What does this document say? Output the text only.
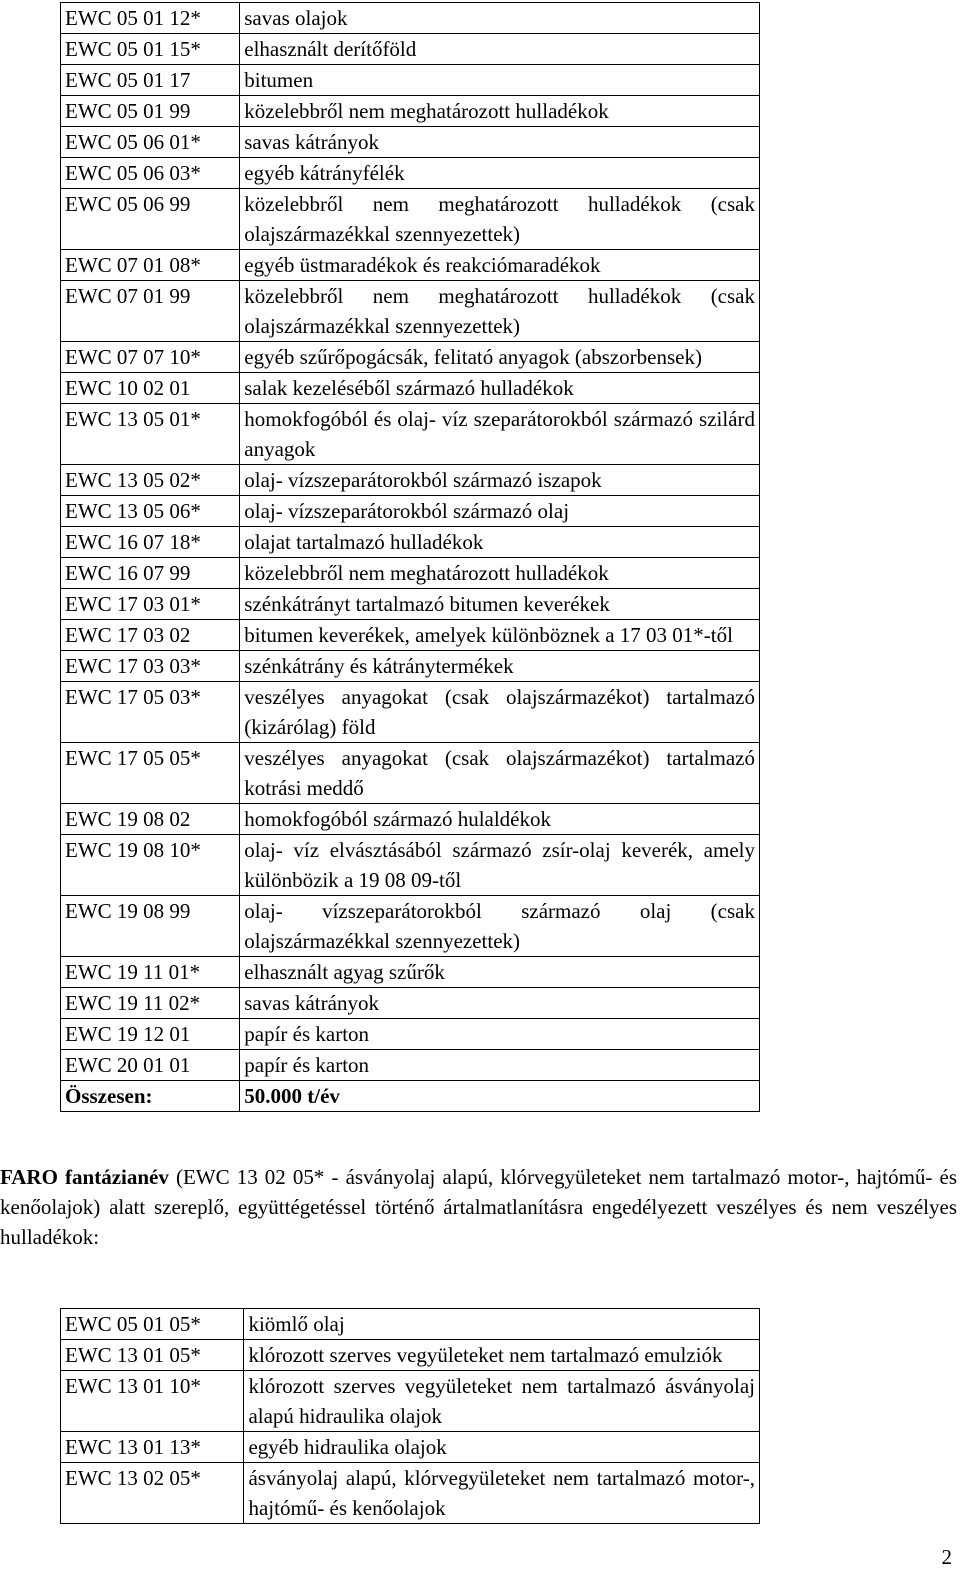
EWC 05 01 12*	savas olajok
EWC 05 01 15*	elhasznált derítőföld
EWC 05 01 17	bitumen
EWC 05 01 99	közelebbről nem meghatározott hulladékok
EWC 05 06 01*	savas kátrányok
EWC 05 06 03*	egyéb kátrányfélék
EWC 05 06 99	közelebbről nem meghatározott hulladékok (csak olajszármazékkal szennyezettek)
EWC 07 01 08*	egyéb üstmaradékok és reakciómaradékok
EWC 07 01 99	közelebbről nem meghatározott hulladékok (csak olajszármazékkal szennyezettek)
EWC 07 07 10*	egyéb szűrőpogácsák, felitató anyagok (abszorbensek)
EWC 10 02 01	salak kezeléséből származó hulladékok
EWC 13 05 01*	homokfogóból és olaj- víz szeparátorokból származó szilárd anyagok
EWC 13 05 02*	olaj- vízszeparátorokból származó iszapok
EWC 13 05 06*	olaj- vízszeparátorokból származó olaj
EWC 16 07 18*	olajat tartalmazó hulladékok
EWC 16 07 99	közelebbről nem meghatározott hulladékok
EWC 17 03 01*	szénkátrányt tartalmazó bitumen keverékek
EWC 17 03 02	bitumen keverékek, amelyek különböznek a 17 03 01*-től
EWC 17 03 03*	szénkátrány és kátránytermékek
EWC 17 05 03*	veszélyes anyagokat (csak olajszármazékot) tartalmazó (kizárólag) föld
EWC 17 05 05*	veszélyes anyagokat (csak olajszármazékot) tartalmazó kotrási meddő
EWC 19 08 02	homokfogóból származó hulaldékok
EWC 19 08 10*	olaj- víz elvásztásából származó zsír-olaj keverék, amely különbözik a 19 08 09-től
EWC 19 08 99	olaj- vízszeparátorokból származó olaj (csak olajszármazékkal szennyezettek)
EWC 19 11 01*	elhasznált agyag szűrők
EWC 19 11 02*	savas kátrányok
EWC 19 12 01	papír és karton
EWC 20 01 01	papír és karton
Összesen:	50.000 t/év
FARO fantázianév (EWC 13 02 05* - ásványolaj alapú, klórvegyületeket nem tartalmazó motor-, hajtómű- és kenőolajok) alatt szereplő, együttégetéssel történő ártalmatlanításra engedélyezett veszélyes és nem veszélyes hulladékok:
EWC 05 01 05*	kiömlő olaj
EWC 13 01 05*	klórozott szerves vegyületeket nem tartalmazó emulziók
EWC 13 01 10*	klórozott szerves vegyületeket nem tartalmazó ásványolaj alapú hidraulika olajok
EWC 13 01 13*	egyéb hidraulika olajok
EWC 13 02 05*	ásványolaj alapú, klórvegyületeket nem tartalmazó motor-, hajtómű- és kenőolajok
2
